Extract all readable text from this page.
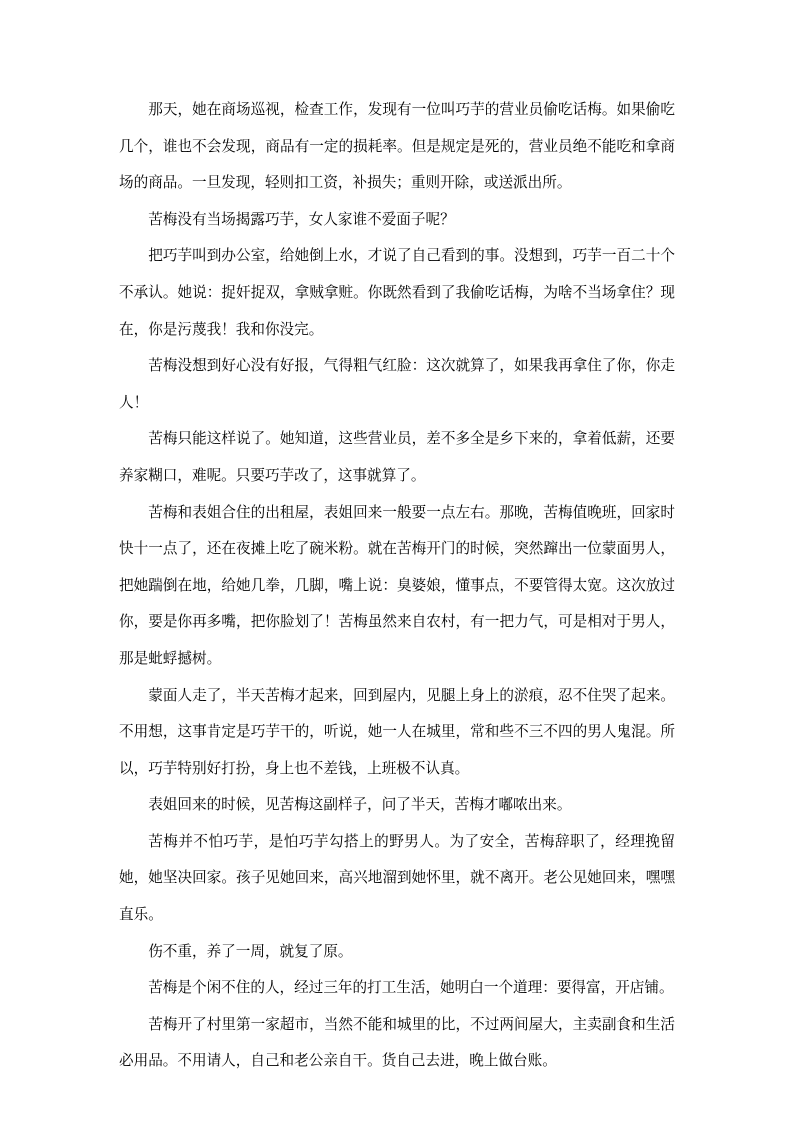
那天，她在商场巡视，检查工作，发现有一位叫巧芋的营业员偷吃话梅。如果偷吃几个，谁也不会发现，商品有一定的损耗率。但是规定是死的，营业员绝不能吃和拿商场的商品。一旦发现，轻则扣工资，补损失；重则开除，或送派出所。

苦梅没有当场揭露巧芋，女人家谁不爱面子呢？

把巧芋叫到办公室，给她倒上水，才说了自己看到的事。没想到，巧芋一百二十个不承认。她说：捉奸捉双，拿贼拿赃。你既然看到了我偷吃话梅，为啥不当场拿住？现在，你是污蔑我！我和你没完。

苦梅没想到好心没有好报，气得粗气红脸：这次就算了，如果我再拿住了你，你走人！

苦梅只能这样说了。她知道，这些营业员，差不多全是乡下来的，拿着低薪，还要养家糊口，难呢。只要巧芋改了，这事就算了。

苦梅和表姐合住的出租屋，表姐回来一般要一点左右。那晚，苦梅值晚班，回家时快十一点了，还在夜摊上吃了碗米粉。就在苦梅开门的时候，突然蹿出一位蒙面男人，把她踹倒在地，给她几拳，几脚，嘴上说：臭婆娘，懂事点，不要管得太宽。这次放过你，要是你再多嘴，把你脸划了！苦梅虽然来自农村，有一把力气，可是相对于男人，那是蚍蜉撼树。

蒙面人走了，半天苦梅才起来，回到屋内，见腿上身上的淤痕，忍不住哭了起来。不用想，这事肯定是巧芋干的，听说，她一人在城里，常和些不三不四的男人鬼混。所以，巧芋特别好打扮，身上也不差钱，上班极不认真。

表姐回来的时候，见苦梅这副样子，问了半天，苦梅才嘟哝出来。

苦梅并不怕巧芋，是怕巧芋勾搭上的野男人。为了安全，苦梅辞职了，经理挽留她，她坚决回家。孩子见她回来，高兴地溜到她怀里，就不离开。老公见她回来，嘿嘿直乐。

伤不重，养了一周，就复了原。

苦梅是个闲不住的人，经过三年的打工生活，她明白一个道理：要得富，开店铺。

苦梅开了村里第一家超市，当然不能和城里的比，不过两间屋大，主卖副食和生活必用品。不用请人，自己和老公亲自干。货自己去进，晚上做台账。
